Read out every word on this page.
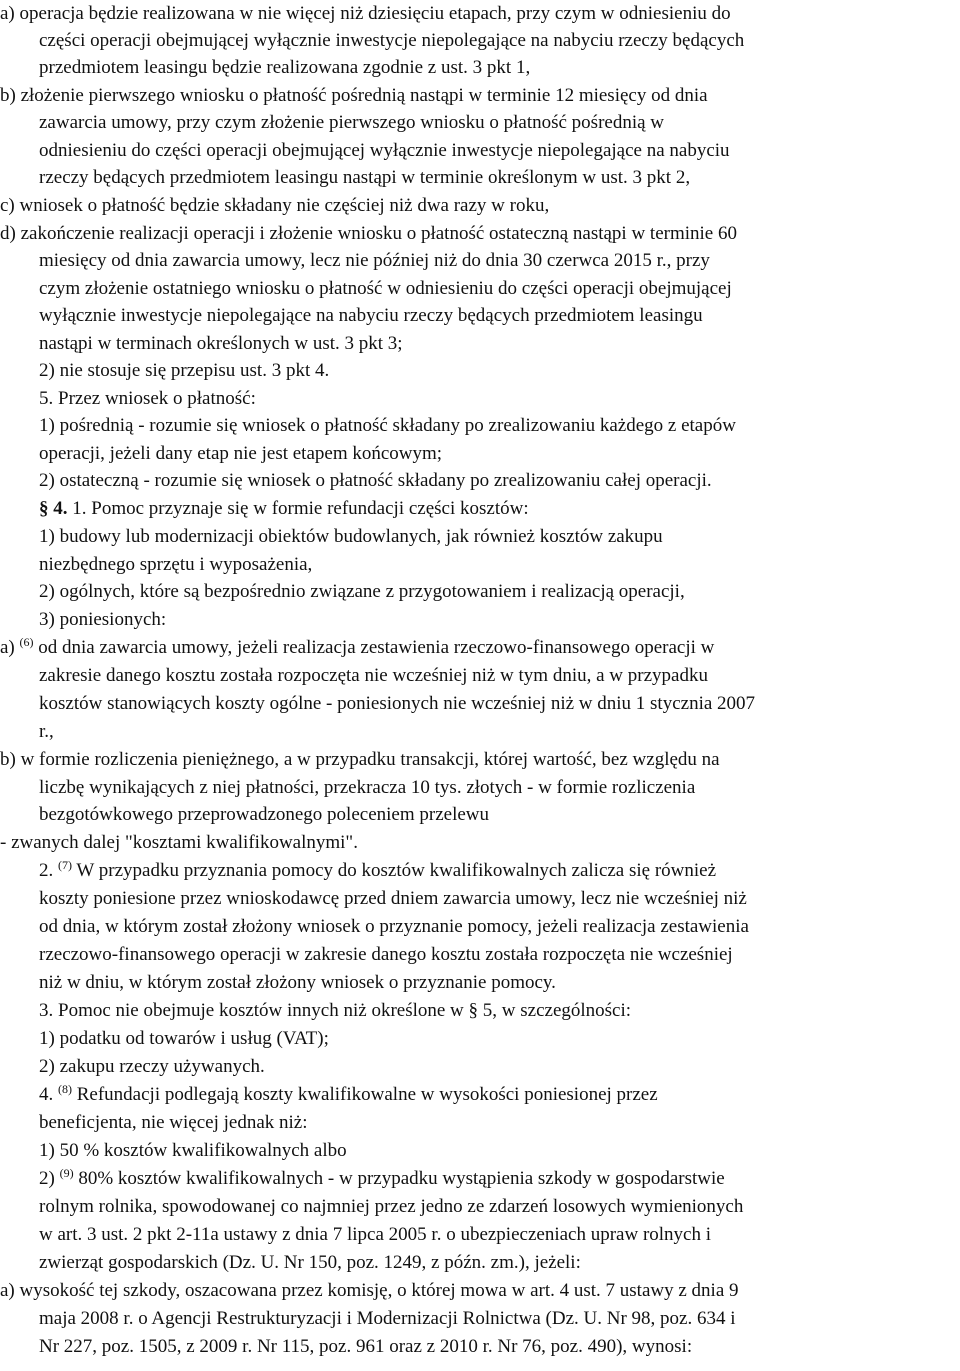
a) operacja będzie realizowana w nie więcej niż dziesięciu etapach, przy czym w odniesieniu do
części operacji obejmującej wyłącznie inwestycje niepolegające na nabyciu rzeczy będących
przedmiotem leasingu będzie realizowana zgodnie z ust. 3 pkt 1,
b) złożenie pierwszego wniosku o płatność pośrednią nastąpi w terminie 12 miesięcy od dnia
zawarcia umowy, przy czym złożenie pierwszego wniosku o płatność pośrednią w
odniesieniu do części operacji obejmującej wyłącznie inwestycje niepolegające na nabyciu
rzeczy będących przedmiotem leasingu nastąpi w terminie określonym w ust. 3 pkt 2,
c) wniosek o płatność będzie składany nie częściej niż dwa razy w roku,
d) zakończenie realizacji operacji i złożenie wniosku o płatność ostateczną nastąpi w terminie 60
miesięcy od dnia zawarcia umowy, lecz nie później niż do dnia 30 czerwca 2015 r., przy
czym złożenie ostatniego wniosku o płatność w odniesieniu do części operacji obejmującej
wyłącznie inwestycje niepolegające na nabyciu rzeczy będących przedmiotem leasingu
nastąpi w terminach określonych w ust. 3 pkt 3;
2) nie stosuje się przepisu ust. 3 pkt 4.
5. Przez wniosek o płatność:
1) pośrednią - rozumie się wniosek o płatność składany po zrealizowaniu każdego z etapów
operacji, jeżeli dany etap nie jest etapem końcowym;
2) ostateczną - rozumie się wniosek o płatność składany po zrealizowaniu całej operacji.
§ 4. 1. Pomoc przyznaje się w formie refundacji części kosztów:
1) budowy lub modernizacji obiektów budowlanych, jak również kosztów zakupu
niezbędnego sprzętu i wyposażenia,
2) ogólnych, które są bezpośrednio związane z przygotowaniem i realizacją operacji,
3) poniesionych:
a) $^{(6)}$ od dnia zawarcia umowy, jeżeli realizacja zestawienia rzeczowo-finansowego operacji w
zakresie danego kosztu została rozpoczęta nie wcześniej niż w tym dniu, a w przypadku
kosztów stanowiących koszty ogólne - poniesionych nie wcześniej niż w dniu 1 stycznia 2007
r.,
b) w formie rozliczenia pieniężnego, a w przypadku transakcji, której wartość, bez względu na
liczbę wynikających z niej płatności, przekracza 10 tys. złotych - w formie rozliczenia
bezgotówkowego przeprowadzonego poleceniem przelewu
- zwanych dalej "kosztami kwalifikowalnymi".
2. $^{(7)}$ W przypadku przyznania pomocy do kosztów kwalifikowalnych zalicza się również
koszty poniesione przez wnioskodawcę przed dniem zawarcia umowy, lecz nie wcześniej niż
od dnia, w którym został złożony wniosek o przyznanie pomocy, jeżeli realizacja zestawienia
rzeczowo-finansowego operacji w zakresie danego kosztu została rozpoczęta nie wcześniej
niż w dniu, w którym został złożony wniosek o przyznanie pomocy.
3. Pomoc nie obejmuje kosztów innych niż określone w § 5, w szczególności:
1) podatku od towarów i usług (VAT);
2) zakupu rzeczy używanych.
4. $^{(8)}$ Refundacji podlegają koszty kwalifikowalne w wysokości poniesionej przez
beneficjenta, nie więcej jednak niż:
1) 50 % kosztów kwalifikowalnych albo
2) $^{(9)}$ 80% kosztów kwalifikowalnych - w przypadku wystąpienia szkody w gospodarstwie
rolnym rolnika, spowodowanej co najmniej przez jedno ze zdarzeń losowych wymienionych
w art. 3 ust. 2 pkt 2-11a ustawy z dnia 7 lipca 2005 r. o ubezpieczeniach upraw rolnych i
zwierząt gospodarskich (Dz. U. Nr 150, poz. 1249, z późn. zm.), jeżeli:
a) wysokość tej szkody, oszacowana przez komisję, o której mowa w art. 4 ust. 7 ustawy z dnia 9
maja 2008 r. o Agencji Restrukturyzacji i Modernizacji Rolnictwa (Dz. U. Nr 98, poz. 634 i
Nr 227, poz. 1505, z 2009 r. Nr 115, poz. 961 oraz z 2010 r. Nr 76, poz. 490), wynosi:
